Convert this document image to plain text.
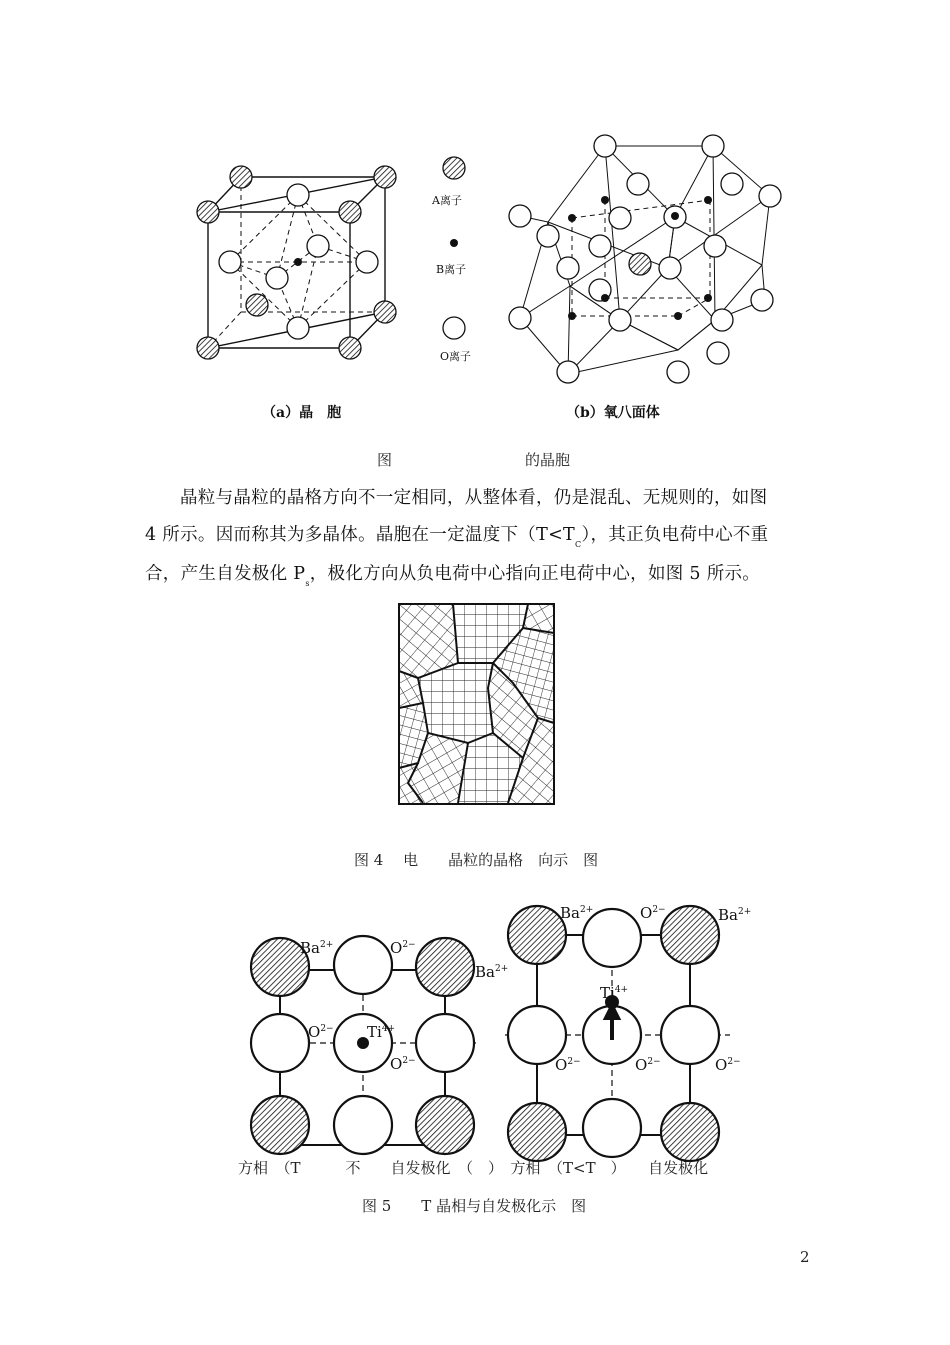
A离子
B离子
O离子
（a）晶　胞	（b）氧八面体
图	的晶胞
晶粒与晶粒的晶格方向不一定相同，从整体看，仍是混乱、无规则的，如图
4 所示。因而称其为多晶体。晶胞在一定温度下$(T<T_C)$，其正负电荷中心不重
合，产生自发极化 $P_s$，极化方向从负电荷中心指向正电荷中心，如图 5 所示。
图 4　 电　　晶粒的晶格　向示　图
$Ba^{2+}$	$O^{2-}$
$Ba^{2+}$
$O^{2-}$ $Ti^{4+}$
$O^{2-}$
$Ba^{2+}$	$O^{2-}$	$Ba^{2+}$
$Ti^{4+}$
$O^{2-}$	$O^{2-}$	$O^{2-}$
方相　（T　　　不　　自发极化　（　）　方相　（T<T　）　　自发极化
图 5　　T 晶相与自发极化示　图
2
